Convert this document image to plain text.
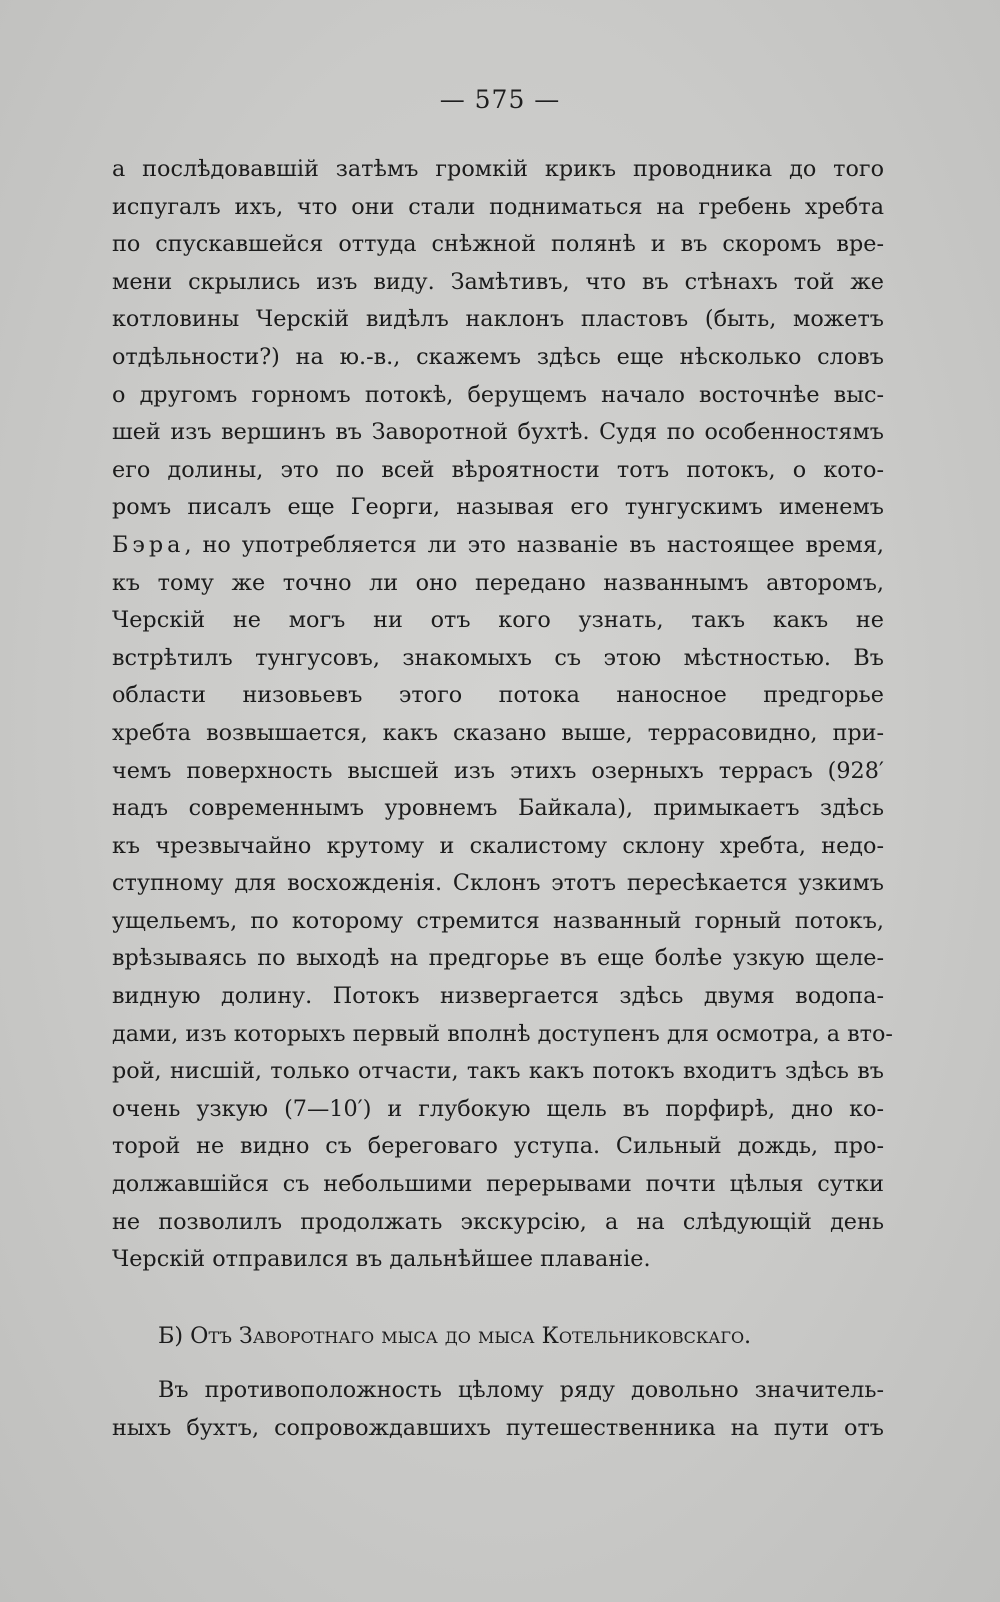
— 575 —
а послѣдовавшій затѣмъ громкій крикъ проводника до того
испугалъ ихъ, что они стали подниматься на гребень хребта
по спускавшейся оттуда снѣжной полянѣ и въ скоромъ вре-
мени скрылись изъ виду. Замѣтивъ, что въ стѣнахъ той же
котловины Черскій видѣлъ наклонъ пластовъ (быть, можетъ
отдѣльности?) на ю.-в., скажемъ здѣсь еще нѣсколько словъ
о другомъ горномъ потокѣ, берущемъ начало восточнѣе выс-
шей изъ вершинъ въ Заворотной бухтѣ. Судя по особенностямъ
его долины, это по всей вѣроятности тотъ потокъ, о кото-
ромъ писалъ еще Георги, называя его тунгускимъ именемъ
Бэра, но употребляется ли это названіе въ настоящее время,
къ тому же точно ли оно передано названнымъ авторомъ,
Черскій не могъ ни отъ кого узнать, такъ какъ не
встрѣтилъ тунгусовъ, знакомыхъ съ этою мѣстностью. Въ
области низовьевъ этого потока наносное предгорье
хребта возвышается, какъ сказано выше, террасовидно, при-
чемъ поверхность высшей изъ этихъ озерныхъ террасъ (928′
надъ современнымъ уровнемъ Байкала), примыкаетъ здѣсь
къ чрезвычайно крутому и скалистому склону хребта, недо-
ступному для восхожденія. Склонъ этотъ пересѣкается узкимъ
ущельемъ, по которому стремится названный горный потокъ,
врѣзываясь по выходѣ на предгорье въ еще болѣе узкую щеле-
видную долину. Потокъ низвергается здѣсь двумя водопа-
дами, изъ которыхъ первый вполнѣ доступенъ для осмотра, а вто-
рой, нисшій, только отчасти, такъ какъ потокъ входитъ здѣсь въ
очень узкую (7—10′) и глубокую щель въ порфирѣ, дно ко-
торой не видно съ береговаго уступа. Сильный дождь, про-
должавшійся съ небольшими перерывами почти цѣлыя сутки
не позволилъ продолжать экскурсію, а на слѣдующій день
Черскій отправился въ дальнѣйшее плаваніе.
Б) Отъ Заворотнаго мыса до мыса Котельниковскаго.
Въ противоположность цѣлому ряду довольно значитель-
ныхъ бухтъ, сопровождавшихъ путешественника на пути отъ
